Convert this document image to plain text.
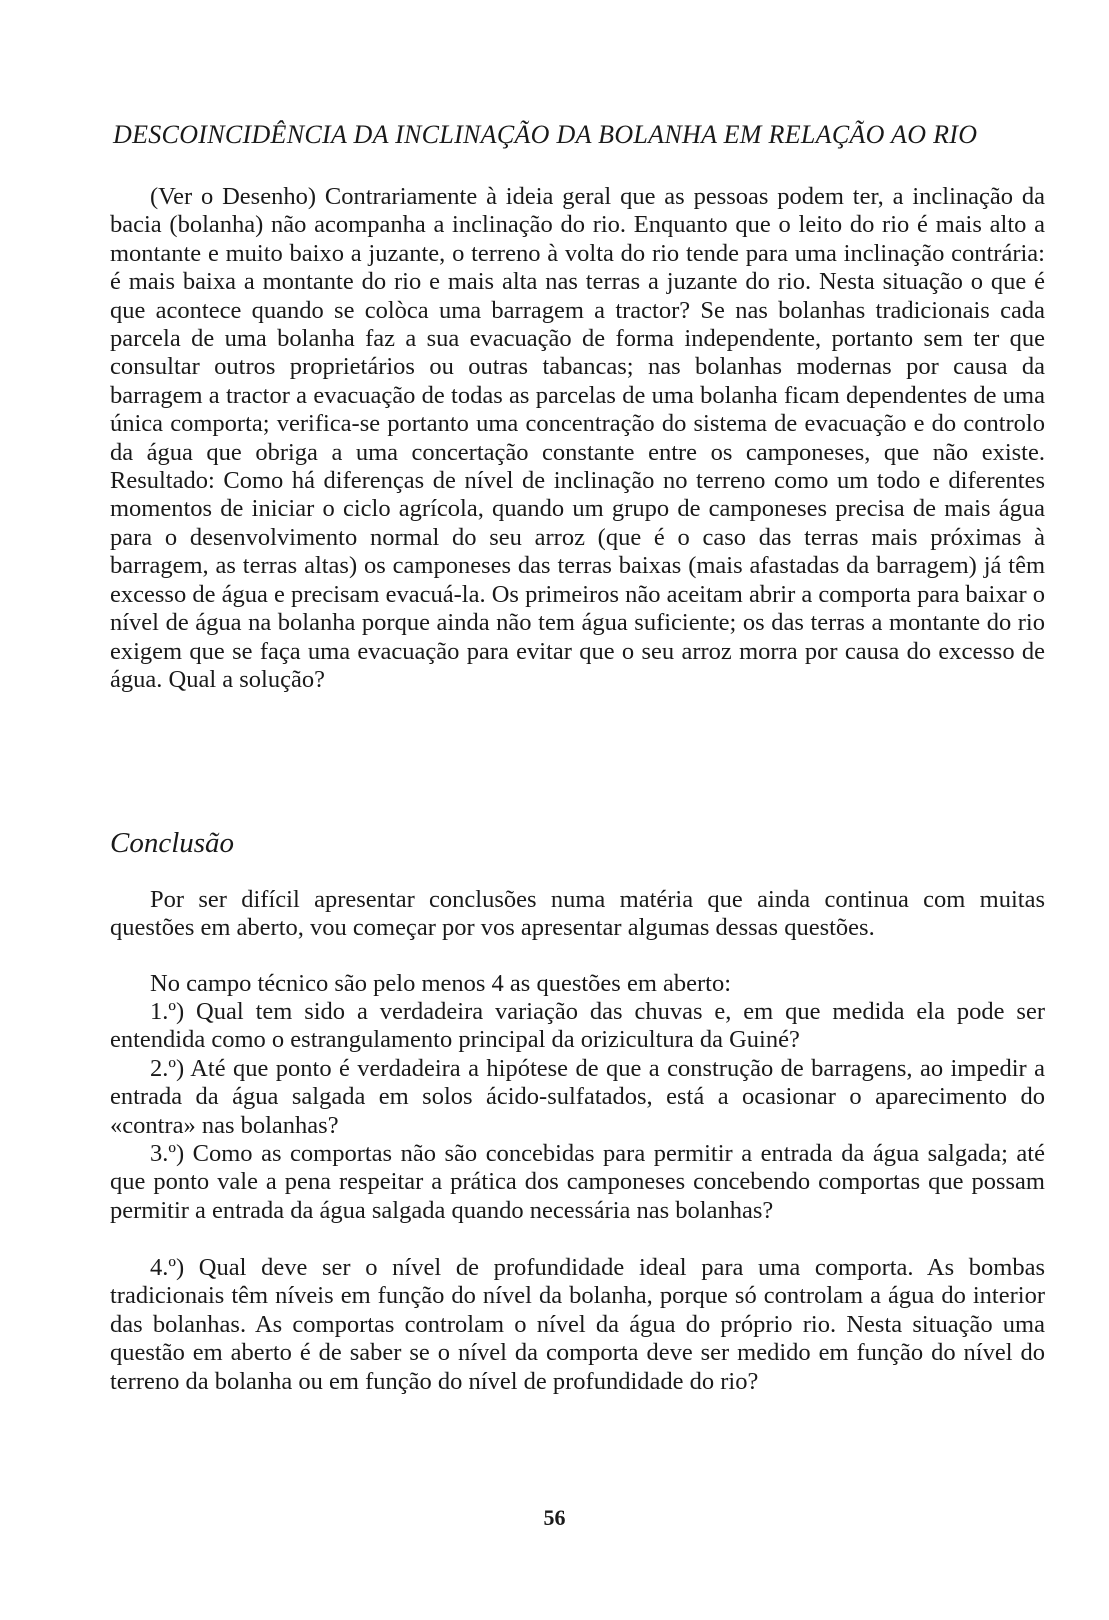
DESCOINCIDÊNCIA DA INCLINAÇÃO DA BOLANHA EM RELAÇÃO AO RIO

(Ver o Desenho) Contrariamente à ideia geral que as pessoas podem ter, a inclinação da bacia (bolanha) não acompanha a inclinação do rio. Enquanto que o leito do rio é mais alto a montante e muito baixo a juzante, o terreno à volta do rio tende para uma inclinação contrária: é mais baixa a montante do rio e mais alta nas terras a juzante do rio. Nesta situação o que é que acontece quando se colòca uma barragem a tractor? Se nas bolanhas tradicionais cada parcela de uma bolanha faz a sua evacuação de forma independente, portanto sem ter que consultar outros proprietários ou outras tabancas; nas bolanhas modernas por causa da barragem a tractor a evacuação de todas as parcelas de uma bolanha ficam dependentes de uma única comporta; verifica-se portanto uma concentração do sistema de evacuação e do controlo da água que obriga a uma concertação constante entre os camponeses, que não existe. Resultado: Como há diferenças de nível de inclinação no terreno como um todo e diferentes momentos de iniciar o ciclo agrícola, quando um grupo de camponeses precisa de mais água para o desenvolvimento normal do seu arroz (que é o caso das terras mais próximas à barragem, as terras altas) os camponeses das terras baixas (mais afastadas da barragem) já têm excesso de água e precisam evacuá-la. Os primeiros não aceitam abrir a comporta para baixar o nível de água na bolanha porque ainda não tem água suficiente; os das terras a montante do rio exigem que se faça uma evacuação para evitar que o seu arroz morra por causa do excesso de água. Qual a solução?

Conclusão

Por ser difícil apresentar conclusões numa matéria que ainda continua com muitas questões em aberto, vou começar por vos apresentar algumas dessas questões.

No campo técnico são pelo menos 4 as questões em aberto:

1.º) Qual tem sido a verdadeira variação das chuvas e, em que medida ela pode ser entendida como o estrangulamento principal da orizicultura da Guiné?

2.º) Até que ponto é verdadeira a hipótese de que a construção de barragens, ao impedir a entrada da água salgada em solos ácido-sulfatados, está a ocasionar o aparecimento do «contra» nas bolanhas?

3.º) Como as comportas não são concebidas para permitir a entrada da água salgada; até que ponto vale a pena respeitar a prática dos camponeses concebendo comportas que possam permitir a entrada da água salgada quando necessária nas bolanhas?

4.º) Qual deve ser o nível de profundidade ideal para uma comporta. As bombas tradicionais têm níveis em função do nível da bolanha, porque só controlam a água do interior das bolanhas. As comportas controlam o nível da água do próprio rio. Nesta situação uma questão em aberto é de saber se o nível da comporta deve ser medido em função do nível do terreno da bolanha ou em função do nível de profundidade do rio?

56
